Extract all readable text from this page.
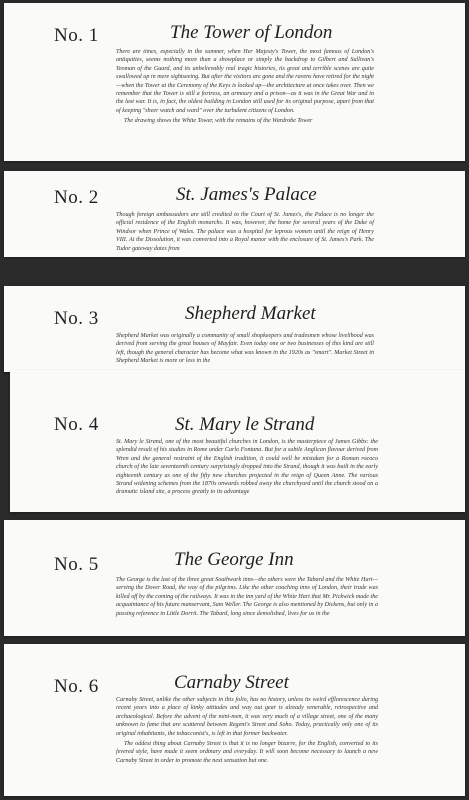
No. 1	The Tower of London

There are times, especially in the summer, when Her Majesty's Tower, the most famous of London's antiquities, seems nothing more than a showplace or simply the backdrop to Gilbert and Sullivan's Yeoman of the Guard, and its unbelievably real tragic histories, its great and terrible scenes are quite swallowed up in mere sightseeing. But after the visitors are gone and the ravens have retired for the night—when the Tower at the Ceremony of the Keys is locked up—the architecture at once takes over. Then we remember that the Tower is still a fortress, an armoury and a prison—as it was in the Great War and in the last war. It is, in fact, the oldest building in London still used for its original purpose, apart from that of keeping "sheer watch and ward" over the turbulent citizens of London.

The drawing shows the White Tower, with the remains of the Wardrobe Tower

No. 2	St. James's Palace

Though foreign ambassadors are still credited to the Court of St. James's, the Palace is no longer the official residence of the English monarchs. It was, however, the home for several years of the Duke of Windsor when Prince of Wales. The palace was a hospital for leprous women until the reign of Henry VIII. At the Dissolution, it was converted into a Royal manor with the enclosure of St. James's Park. The Tudor gateway dates from

No. 3	Shepherd Market

Shepherd Market was originally a community of small shopkeepers and tradesmen whose livelihood was derived from serving the great houses of Mayfair. Even today one or two businesses of this kind are still left, though the general character has become what was known in the 1920s as "smart". Market Street in Shepherd Market is more or less in the

No. 4	St. Mary le Strand

St. Mary le Strand, one of the most beautiful churches in London, is the masterpiece of James Gibbs: the splendid result of his studies in Rome under Carlo Fontana. But for a subtle Anglican flavour derived from Wren and the general restraint of the English tradition, it could well be mistaken for a Roman rococo church of the late seventeenth century surprisingly dropped into the Strand, though it was built in the early eighteenth century as one of the fifty new churches projected in the reign of Queen Anne. The various Strand widening schemes from the 1870s onwards robbed away the churchyard until the church stood on a dramatic island site, a process greatly to its advantage

No. 5	The George Inn

The George is the last of the three great Southwark inns—the others were the Tabard and the White Hart—serving the Dover Road, the way of the pilgrims. Like the other coaching inns of London, their trade was killed off by the coming of the railways. It was in the inn yard of the White Hart that Mr. Pickwick made the acquaintance of his future manservant, Sam Weller. The George is also mentioned by Dickens, but only in a passing reference in Little Dorrit. The Tabard, long since demolished, lives for us in the

No. 6	Carnaby Street

Carnaby Street, unlike the other subjects in this folio, has no history, unless its weird efflorescence during recent years into a place of kinky attitudes and way out gear is already venerable, retrospective and archaeological. Before the advent of the mini-men, it was very much of a village street, one of the many unknown to fame that are scattered between Regent's Street and Soho. Today, practically only one of its original inhabitants, the tobacconist's, is left in that former backwater.

The oddest thing about Carnaby Street is that it is no longer bizarre, for the English, converted to its fevered style, have made it seem ordinary and everyday. It will soon become necessary to launch a new Carnaby Street in order to promote the next sensation but one.
